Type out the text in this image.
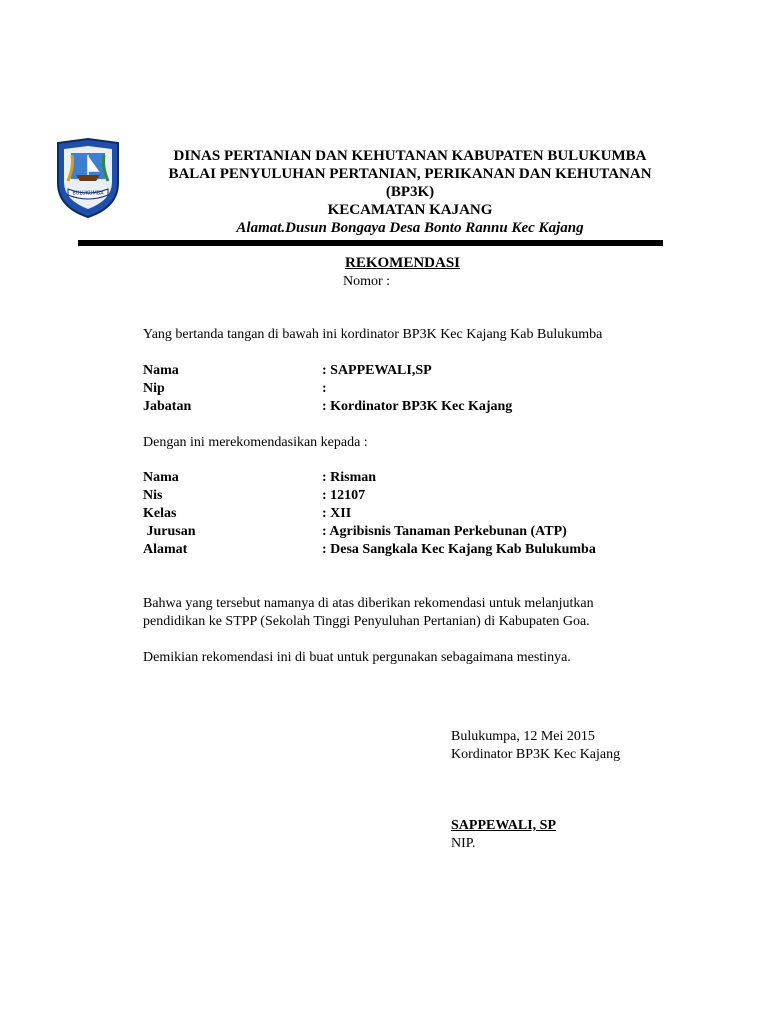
BULUKUMBA
DINAS PERTANIAN DAN KEHUTANAN KABUPATEN BULUKUMBA
BALAI PENYULUHAN PERTANIAN, PERIKANAN DAN KEHUTANAN
(BP3K)
KECAMATAN KAJANG
Alamat.Dusun Bongaya Desa Bonto Rannu Kec Kajang
REKOMENDASI
Nomor :
Yang bertanda tangan di bawah ini kordinator BP3K Kec Kajang Kab Bulukumba
Nama	: SAPPEWALI,SP
Nip	:
Jabatan	: Kordinator BP3K Kec Kajang
Dengan ini merekomendasikan kepada :
Nama	: Risman
Nis	: 12107
Kelas	: XII
Jurusan	: Agribisnis Tanaman Perkebunan (ATP)
Alamat	: Desa Sangkala Kec Kajang Kab Bulukumba
Bahwa yang tersebut namanya di atas diberikan rekomendasi untuk melanjutkan
pendidikan ke STPP (Sekolah Tinggi Penyuluhan Pertanian) di Kabupaten Goa.
Demikian rekomendasi ini di buat untuk pergunakan sebagaimana mestinya.
Bulukumpa, 12 Mei 2015
Kordinator BP3K Kec Kajang
SAPPEWALI, SP
NIP.
